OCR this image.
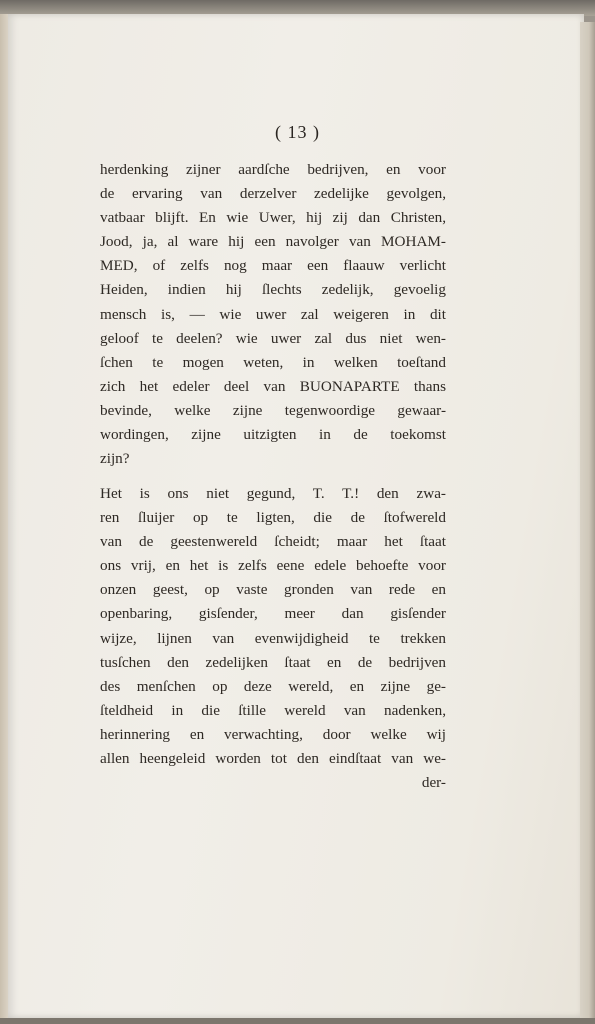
( 13 )
herdenking zijner aardſche bedrijven, en voor
de ervaring van derzelver zedelijke gevolgen,
vatbaar blijft. En wie Uwer, hij zij dan Christen,
Jood, ja, al ware hij een navolger van MOHAM-
MED, of zelfs nog maar een flaauw verlicht
Heiden, indien hij ſlechts zedelijk, gevoelig
mensch is, — wie uwer zal weigeren in dit
geloof te deelen? wie uwer zal dus niet wen-
ſchen te mogen weten, in welken toeſtand
zich het edeler deel van BUONAPARTE thans
bevinde, welke zijne tegenwoordige gewaar-
wordingen, zijne uitzigten in de toekomst
zijn?
Het is ons niet gegund, T. T.! den zwa-
ren ſluijer op te ligten, die de ſtofwereld
van de geestenwereld ſcheidt; maar het ſtaat
ons vrij, en het is zelfs eene edele behoefte voor
onzen geest, op vaste gronden van rede en
openbaring, gisſender, meer dan gisſender
wijze, lijnen van evenwijdigheid te trekken
tusſchen den zedelijken ſtaat en de bedrijven
des menſchen op deze wereld, en zijne ge-
ſteldheid in die ſtille wereld van nadenken,
herinnering en verwachting, door welke wij
allen heengeleid worden tot den eindſtaat van we-
der-
